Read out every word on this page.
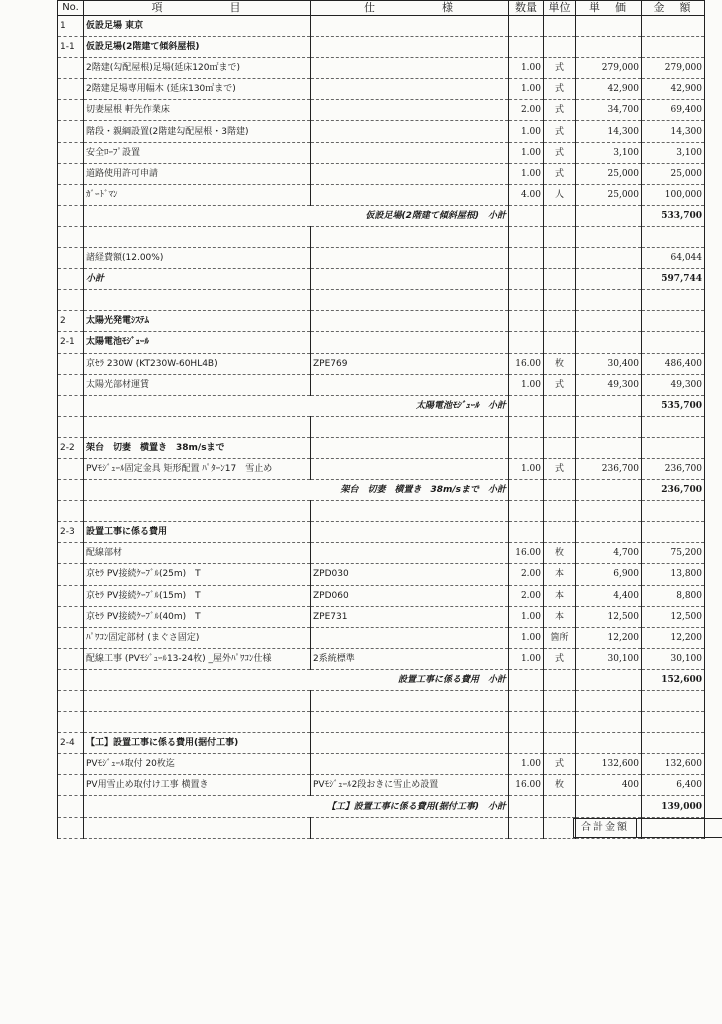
No.	項　　　　　目	仕　　　　　様	数量	単位	単　価	金　額
1	仮設足場 東京					
1-1	仮設足場(2階建て傾斜屋根)					
	2階建(勾配屋根)足場(延床120㎡まで)		1.00	式	279,000	279,000
	2階建足場専用幅木 (延床130㎡まで)		1.00	式	42,900	42,900
	切妻屋根 軒先作業床		2.00	式	34,700	69,400
	階段・親綱設置(2階建勾配屋根・3階建)		1.00	式	14,300	14,300
	安全ﾛｰﾌﾟ設置		1.00	式	3,100	3,100
	道路使用許可申請		1.00	式	25,000	25,000
	ｶﾞｰﾄﾞﾏﾝ		4.00	人	25,000	100,000
	仮設足場(2階建て傾斜屋根)　小計					533,700

	諸経費額(12.00%)					64,044
	小計					597,744

2	太陽光発電ｼｽﾃﾑ					
2-1	太陽電池ﾓｼﾞｭｰﾙ					
	京ｾﾗ 230W (KT230W-60HL4B)	ZPE769	16.00	枚	30,400	486,400
	太陽光部材運賃		1.00	式	49,300	49,300
	太陽電池ﾓｼﾞｭｰﾙ　小計					535,700

2-2	架台　切妻　横置き　38m/sまで					
	PVﾓｼﾞｭｰﾙ固定金具 矩形配置 ﾊﾟﾀｰﾝ17　雪止め		1.00	式	236,700	236,700
	架台　切妻　横置き　38m/sまで　小計					236,700

2-3	設置工事に係る費用					
	配線部材		16.00	枚	4,700	75,200
	京ｾﾗ PV接続ｹｰﾌﾞﾙ(25m)　T	ZPD030	2.00	本	6,900	13,800
	京ｾﾗ PV接続ｹｰﾌﾞﾙ(15m)　T	ZPD060	2.00	本	4,400	8,800
	京ｾﾗ PV接続ｹｰﾌﾞﾙ(40m)　T	ZPE731	1.00	本	12,500	12,500
	ﾊﾟﾜｺﾝ固定部材 (まぐさ固定)		1.00	箇所	12,200	12,200
	配線工事 (PVﾓｼﾞｭｰﾙ13-24枚) _屋外ﾊﾟﾜｺﾝ仕様	2系統標準	1.00	式	30,100	30,100
	設置工事に係る費用　小計					152,600

2-4	【工】設置工事に係る費用(据付工事)					
	PVﾓｼﾞｭｰﾙ取付 20枚迄		1.00	式	132,600	132,600
	PV用雪止め取付け工事 横置き	PVﾓｼﾞｭｰﾙ2段おきに雪止め設置	16.00	枚	400	6,400
	【工】設置工事に係る費用(据付工事)　小計					139,000

合計金額
